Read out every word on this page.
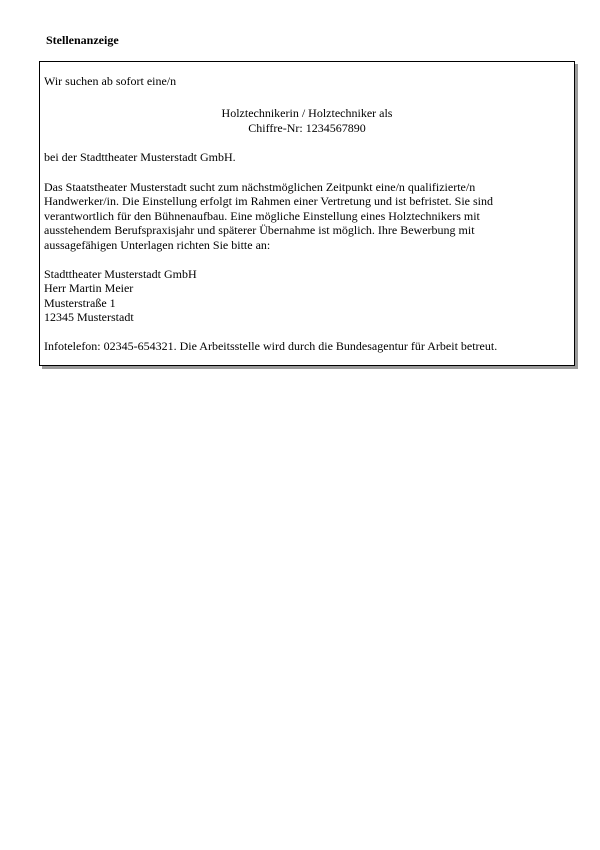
Stellenanzeige

Wir suchen ab sofort eine/n

Holztechnikerin / Holztechniker als

Chiffre-Nr: 1234567890

bei der Stadttheater Musterstadt GmbH.

Das Staatstheater Musterstadt sucht zum nächstmöglichen Zeitpunkt eine/n qualifizierte/n

Handwerker/in. Die Einstellung erfolgt im Rahmen einer Vertretung und ist befristet. Sie sind

verantwortlich für den Bühnenaufbau. Eine mögliche Einstellung eines Holztechnikers mit

ausstehendem Berufspraxisjahr und späterer Übernahme ist möglich. Ihre Bewerbung mit

aussagefähigen Unterlagen richten Sie bitte an:

Stadttheater Musterstadt GmbH

Herr Martin Meier

Musterstraße 1

12345 Musterstadt

Infotelefon: 02345-654321. Die Arbeitsstelle wird durch die Bundesagentur für Arbeit betreut.
